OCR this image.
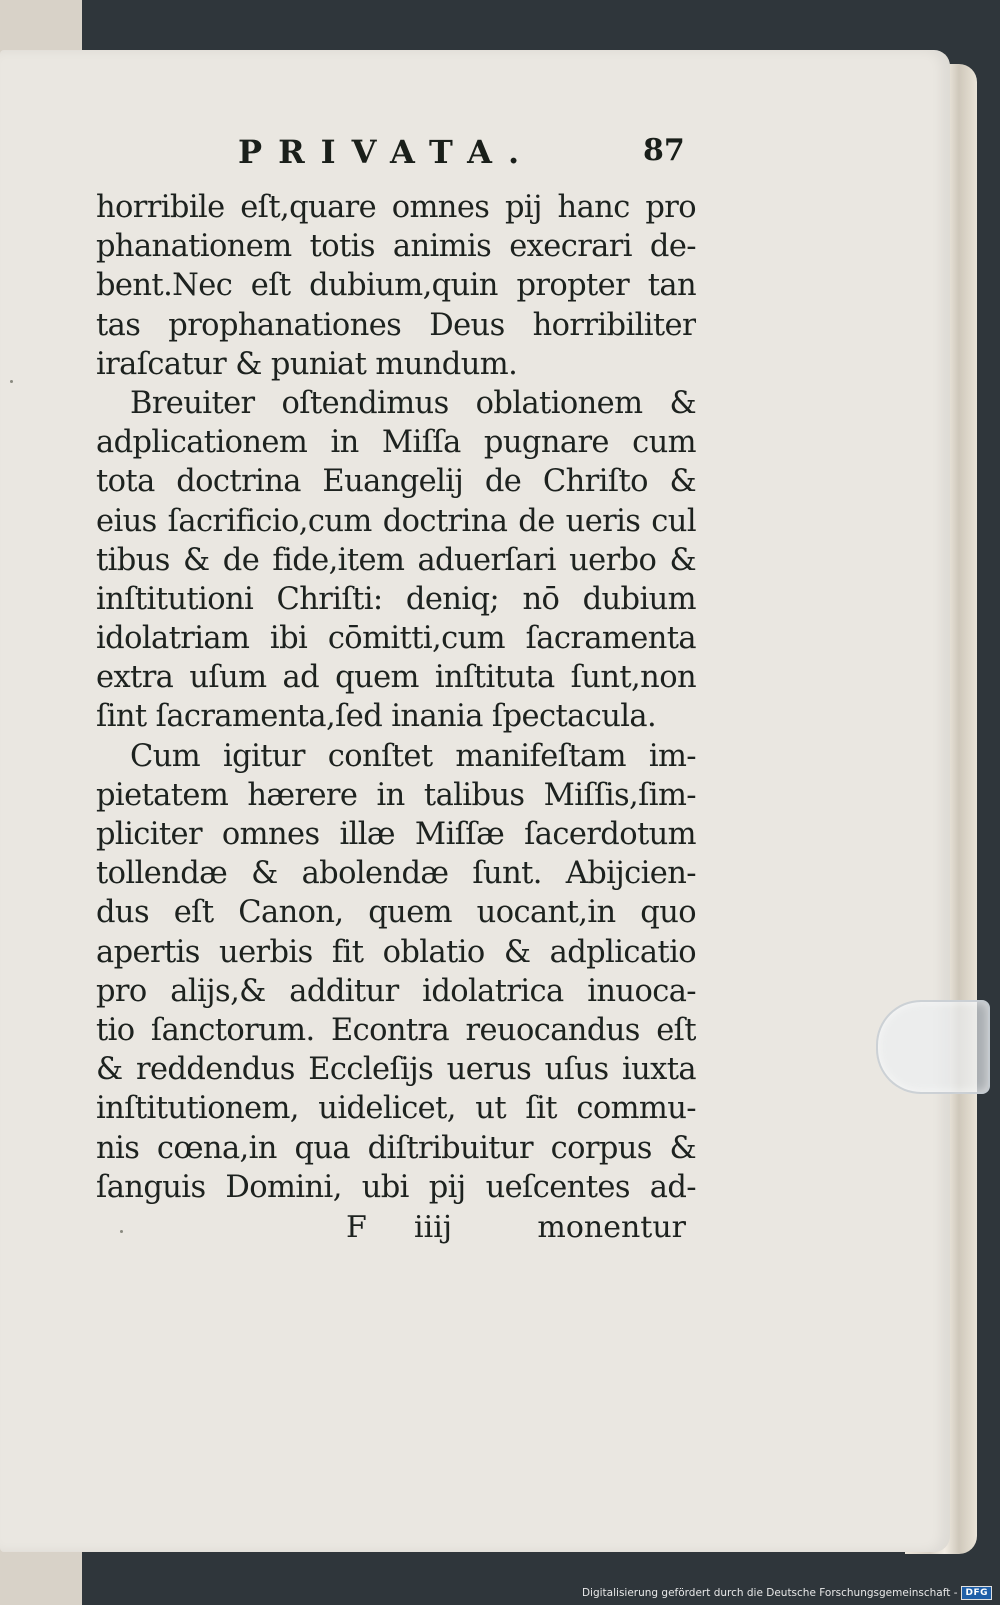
PRIVATA.	87
horribile eſt,quare omnes pij hanc pro
phanationem totis animis execrari de-
bent.Nec eſt dubium,quin propter tan
tas prophanationes Deus horribiliter
iraſcatur & puniat mundum.
Breuiter oſtendimus oblationem &
adplicationem in Miſſa pugnare cum
tota doctrina Euangelij de Chriſto &
eius ſacrificio,cum doctrina de ueris cul
tibus & de fide,item aduerſari uerbo &
inſtitutioni Chriſti: deniq; nō dubium
idolatriam ibi cōmitti,cum ſacramenta
extra uſum ad quem inſtituta ſunt,non
ſint ſacramenta,ſed inania ſpectacula.
Cum igitur conſtet manifeſtam im-
pietatem hærere in talibus Miſſis,ſim-
pliciter omnes illæ Miſſæ ſacerdotum
tollendæ & abolendæ ſunt. Abijcien-
dus eſt Canon, quem uocant,in quo
apertis uerbis fit oblatio & adplicatio
pro alijs,& additur idolatrica inuoca-
tio ſanctorum. Econtra reuocandus eſt
& reddendus Eccleſijs uerus uſus iuxta
inſtitutionem, uidelicet, ut ſit commu-
nis cœna,in qua diſtribuitur corpus &
ſanguis Domini, ubi pij ueſcentes ad-
F iiij	monentur
Digitalisierung gefördert durch die Deutsche Forschungsgemeinschaft - DFG
